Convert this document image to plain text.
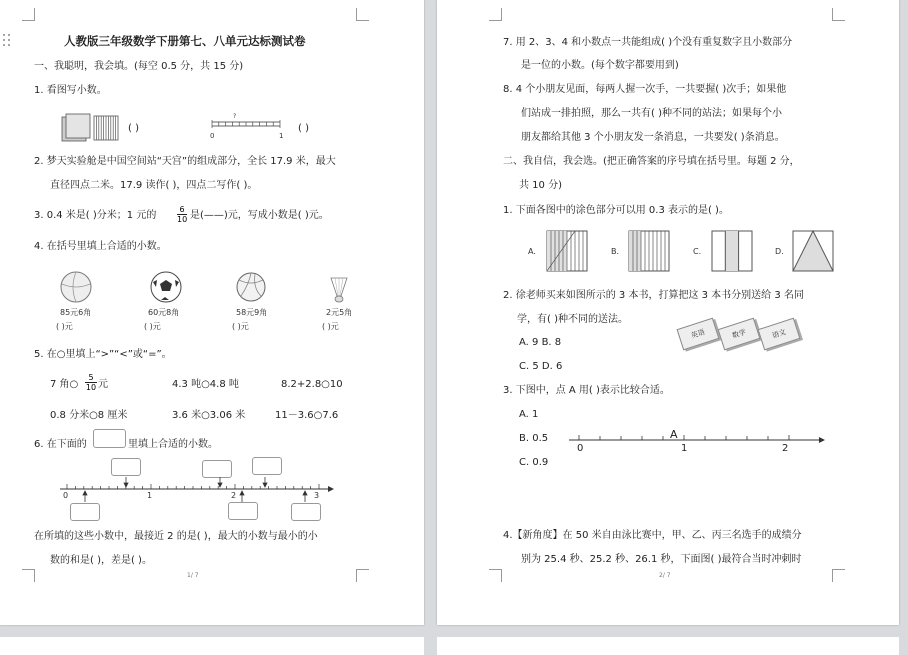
人教版三年级数学下册第七、八单元达标测试卷
一、我聪明，我会填。(每空 0.5 分，共 15 分)
1. 看图写小数。
( )
?
0	1
( )
2. 梦天实验舱是中国空间站“天宫”的组成部分，全长 17.9 米，最大
直径四点二米。17.9 读作( )，四点二写作( )。
3. 0.4 米是( )分米；1 元的	$\frac{6}{10}$ 是(——)元，写成小数是( )元。
4. 在括号里填上合适的小数。
85元6角	60元8角	58元9角	2元5角
( )元	( )元	( )元	( )元
5. 在○里填上“>”“<”或“=”。
7 角○ $\frac{5}{10}$ 元	4.3 吨○4.8 吨	8.2+2.8○10
0.8 分米○8 厘米	3.6 米○3.06 米	11－3.6○7.6
6. 在下面的	里填上合适的小数。
0	1	2	3
在所填的这些小数中，最接近 2 的是( )，最大的小数与最小的小
数的和是( )，差是( )。
1/ 7
7. 用 2、3、4 和小数点一共能组成( )个没有重复数字且小数部分
是一位的小数。(每个数字都要用到)
8. 4 个小朋友见面，每两人握一次手，一共要握( )次手；如果他
们站成一排拍照，那么一共有( )种不同的站法；如果每个小
朋友都给其他 3 个小朋友发一条消息，一共要发( )条消息。
二、我自信，我会选。(把正确答案的序号填在括号里。每题 2 分，
共 10 分)
1. 下面各图中的涂色部分可以用 0.3 表示的是( )。
A.	B.	C.	D.
2. 徐老师买来如图所示的 3 本书，打算把这 3 本书分别送给 3 名同
学，有( )种不同的送法。
A. 9 B. 8
C. 5 D. 6
英语	数学	语文
3. 下图中，点 A 用( )表示比较合适。
A. 1
B. 0.5
C. 0.9
A
0	1	2
4.【新角度】在 50 米自由泳比赛中，甲、乙、丙三名选手的成绩分
别为 25.4 秒、25.2 秒、26.1 秒，下面图( )最符合当时冲刺时
2/ 7
